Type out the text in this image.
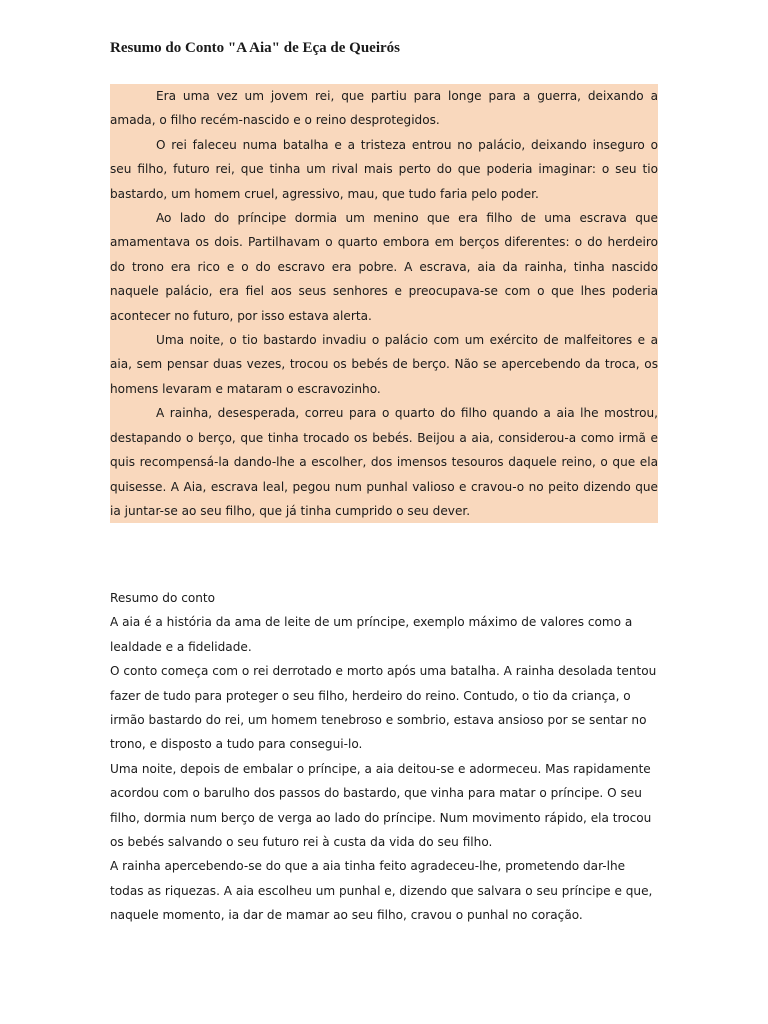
Resumo do Conto "A Aia" de Eça de Queirós

Era uma vez um jovem rei, que partiu para longe para a guerra, deixando a amada, o filho recém-nascido e o reino desprotegidos.

O rei faleceu numa batalha e a tristeza entrou no palácio, deixando inseguro o seu filho, futuro rei, que tinha um rival mais perto do que poderia imaginar: o seu tio bastardo, um homem cruel, agressivo, mau, que tudo faria pelo poder.

Ao lado do príncipe dormia um menino que era filho de uma escrava que amamentava os dois. Partilhavam o quarto embora em berços diferentes: o do herdeiro do trono era rico e o do escravo era pobre. A escrava, aia da rainha, tinha nascido naquele palácio, era fiel aos seus senhores e preocupava-se com o que lhes poderia acontecer no futuro, por isso estava alerta.

Uma noite, o tio bastardo invadiu o palácio com um exército de malfeitores e a aia, sem pensar duas vezes, trocou os bebés de berço. Não se apercebendo da troca, os homens levaram e mataram o escravozinho.

A rainha, desesperada, correu para o quarto do filho quando a aia lhe mostrou, destapando o berço, que tinha trocado os bebés. Beijou a aia, considerou-a como irmã e quis recompensá-la dando-lhe a escolher, dos imensos tesouros daquele reino, o que ela quisesse. A Aia, escrava leal, pegou num punhal valioso e cravou-o no peito dizendo que ia juntar-se ao seu filho, que já tinha cumprido o seu dever.

Resumo do conto

A aia é a história da ama de leite de um príncipe, exemplo máximo de valores como a lealdade e a fidelidade.

O conto começa com o rei derrotado e morto após uma batalha. A rainha desolada tentou fazer de tudo para proteger o seu filho, herdeiro do reino. Contudo, o tio da criança, o irmão bastardo do rei, um homem tenebroso e sombrio, estava ansioso por se sentar no trono, e disposto a tudo para consegui-lo.

Uma noite, depois de embalar o príncipe, a aia deitou-se e adormeceu. Mas rapidamente acordou com o barulho dos passos do bastardo, que vinha para matar o príncipe. O seu filho, dormia num berço de verga ao lado do príncipe. Num movimento rápido, ela trocou os bebés salvando o seu futuro rei à custa da vida do seu filho.

A rainha apercebendo-se do que a aia tinha feito agradeceu-lhe, prometendo dar-lhe todas as riquezas. A aia escolheu um punhal e, dizendo que salvara o seu príncipe e que, naquele momento, ia dar de mamar ao seu filho, cravou o punhal no coração.
